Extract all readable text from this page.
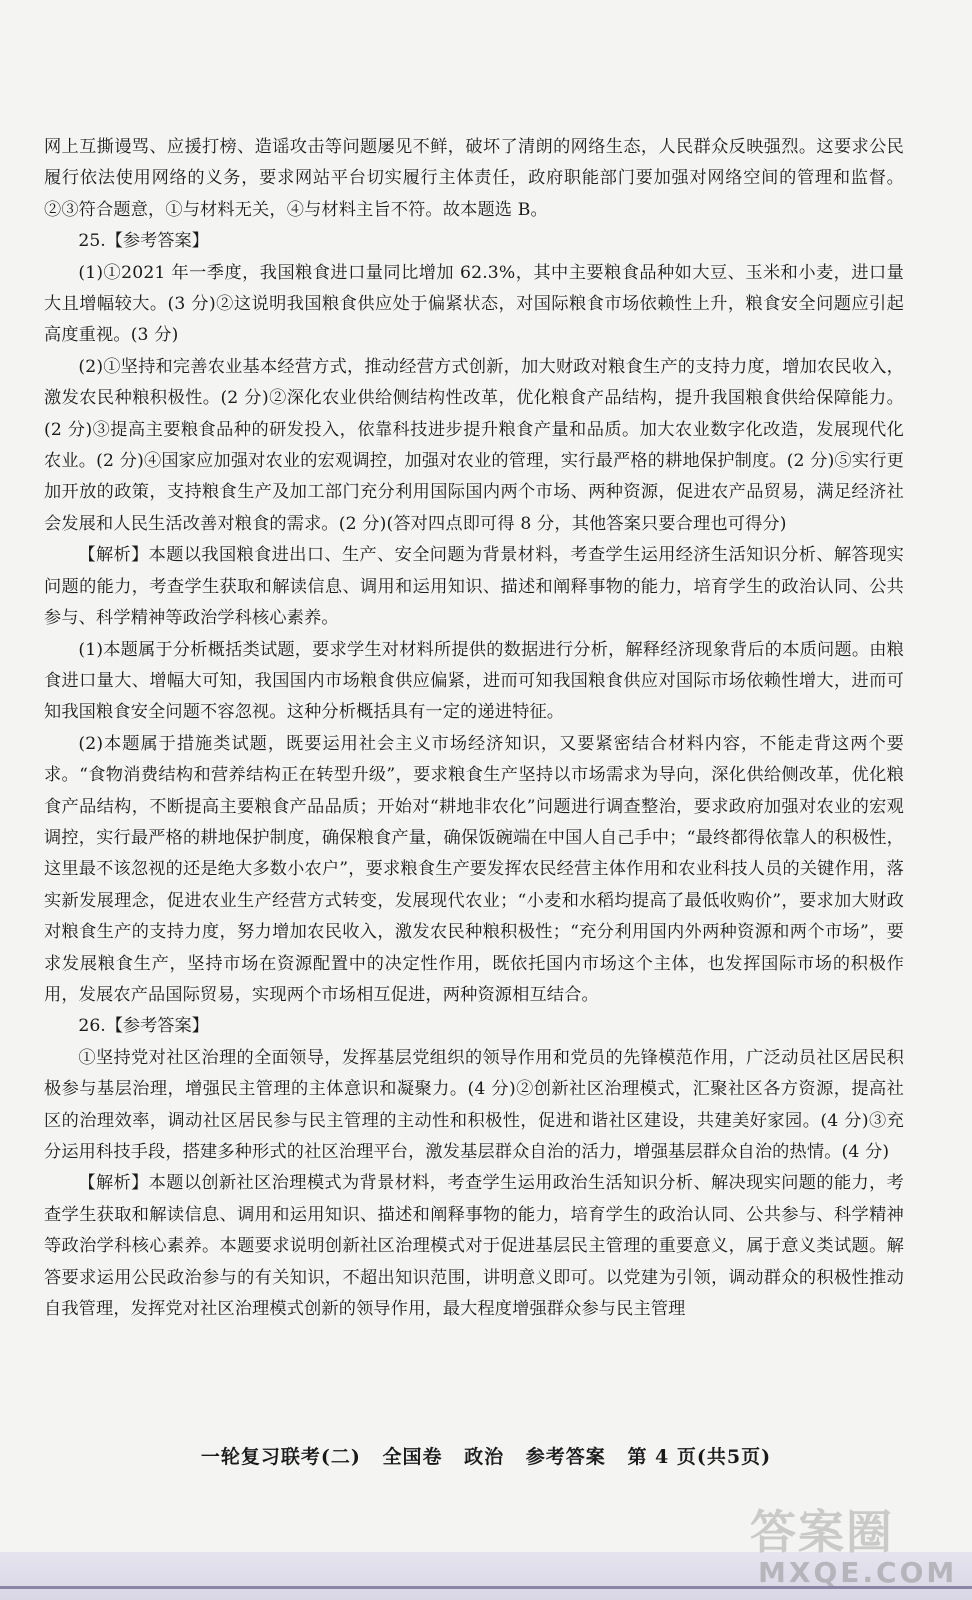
网上互撕谩骂、应援打榜、造谣攻击等问题屡见不鲜，破坏了清朗的网络生态，人民群众反映强烈。这要求公民履行依法使用网络的义务，要求网站平台切实履行主体责任，政府职能部门要加强对网络空间的管理和监督。②③符合题意，①与材料无关，④与材料主旨不符。故本题选 B。

25.【参考答案】

(1)①2021 年一季度，我国粮食进口量同比增加 62.3%，其中主要粮食品种如大豆、玉米和小麦，进口量大且增幅较大。(3 分)②这说明我国粮食供应处于偏紧状态，对国际粮食市场依赖性上升，粮食安全问题应引起高度重视。(3 分)

(2)①坚持和完善农业基本经营方式，推动经营方式创新，加大财政对粮食生产的支持力度，增加农民收入，激发农民种粮积极性。(2 分)②深化农业供给侧结构性改革，优化粮食产品结构，提升我国粮食供给保障能力。(2 分)③提高主要粮食品种的研发投入，依靠科技进步提升粮食产量和品质。加大农业数字化改造，发展现代化农业。(2 分)④国家应加强对农业的宏观调控，加强对农业的管理，实行最严格的耕地保护制度。(2 分)⑤实行更加开放的政策，支持粮食生产及加工部门充分利用国际国内两个市场、两种资源，促进农产品贸易，满足经济社会发展和人民生活改善对粮食的需求。(2 分)(答对四点即可得 8 分，其他答案只要合理也可得分)

【解析】本题以我国粮食进出口、生产、安全问题为背景材料，考查学生运用经济生活知识分析、解答现实问题的能力，考查学生获取和解读信息、调用和运用知识、描述和阐释事物的能力，培育学生的政治认同、公共参与、科学精神等政治学科核心素养。

(1)本题属于分析概括类试题，要求学生对材料所提供的数据进行分析，解释经济现象背后的本质问题。由粮食进口量大、增幅大可知，我国国内市场粮食供应偏紧，进而可知我国粮食供应对国际市场依赖性增大，进而可知我国粮食安全问题不容忽视。这种分析概括具有一定的递进特征。

(2)本题属于措施类试题，既要运用社会主义市场经济知识，又要紧密结合材料内容，不能走背这两个要求。“食物消费结构和营养结构正在转型升级”，要求粮食生产坚持以市场需求为导向，深化供给侧改革，优化粮食产品结构，不断提高主要粮食产品品质；开始对“耕地非农化”问题进行调查整治，要求政府加强对农业的宏观调控，实行最严格的耕地保护制度，确保粮食产量，确保饭碗端在中国人自己手中；“最终都得依靠人的积极性，这里最不该忽视的还是绝大多数小农户”，要求粮食生产要发挥农民经营主体作用和农业科技人员的关键作用，落实新发展理念，促进农业生产经营方式转变，发展现代农业；“小麦和水稻均提高了最低收购价”，要求加大财政对粮食生产的支持力度，努力增加农民收入，激发农民种粮积极性；“充分利用国内外两种资源和两个市场”，要求发展粮食生产，坚持市场在资源配置中的决定性作用，既依托国内市场这个主体，也发挥国际市场的积极作用，发展农产品国际贸易，实现两个市场相互促进，两种资源相互结合。

26.【参考答案】

①坚持党对社区治理的全面领导，发挥基层党组织的领导作用和党员的先锋模范作用，广泛动员社区居民积极参与基层治理，增强民主管理的主体意识和凝聚力。(4 分)②创新社区治理模式，汇聚社区各方资源，提高社区的治理效率，调动社区居民参与民主管理的主动性和积极性，促进和谐社区建设，共建美好家园。(4 分)③充分运用科技手段，搭建多种形式的社区治理平台，激发基层群众自治的活力，增强基层群众自治的热情。(4 分)

【解析】本题以创新社区治理模式为背景材料，考查学生运用政治生活知识分析、解决现实问题的能力，考查学生获取和解读信息、调用和运用知识、描述和阐释事物的能力，培育学生的政治认同、公共参与、科学精神等政治学科核心素养。本题要求说明创新社区治理模式对于促进基层民主管理的重要意义，属于意义类试题。解答要求运用公民政治参与的有关知识，不超出知识范围，讲明意义即可。以党建为引领，调动群众的积极性推动自我管理，发挥党对社区治理模式创新的领导作用，最大程度增强群众参与民主管理

一轮复习联考(二) 全国卷 政治 参考答案 第 4 页(共5页)
答案圈
MXQE.COM
